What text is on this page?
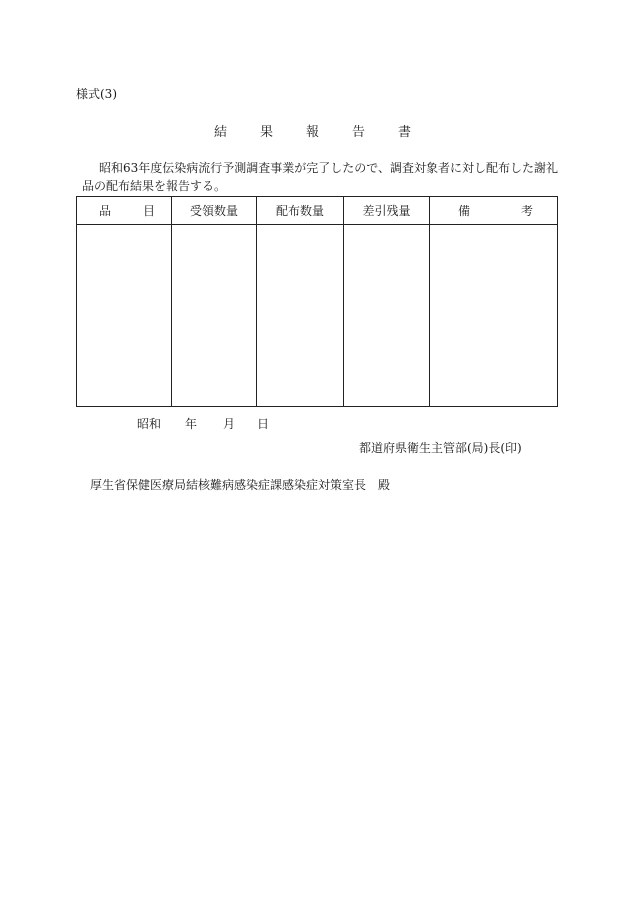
様式(3)
結	果	報	告	書
昭和63年度伝染病流行予測調査事業が完了したので、調査対象者に対し配布した謝礼
品の配布結果を報告する。
品 目	受領数量	配布数量	差引残量	備 考

昭和	年	月	日
都道府県衛生主管部(局)長(印)
厚生省保健医療局結核難病感染症課感染症対策室長　殿
